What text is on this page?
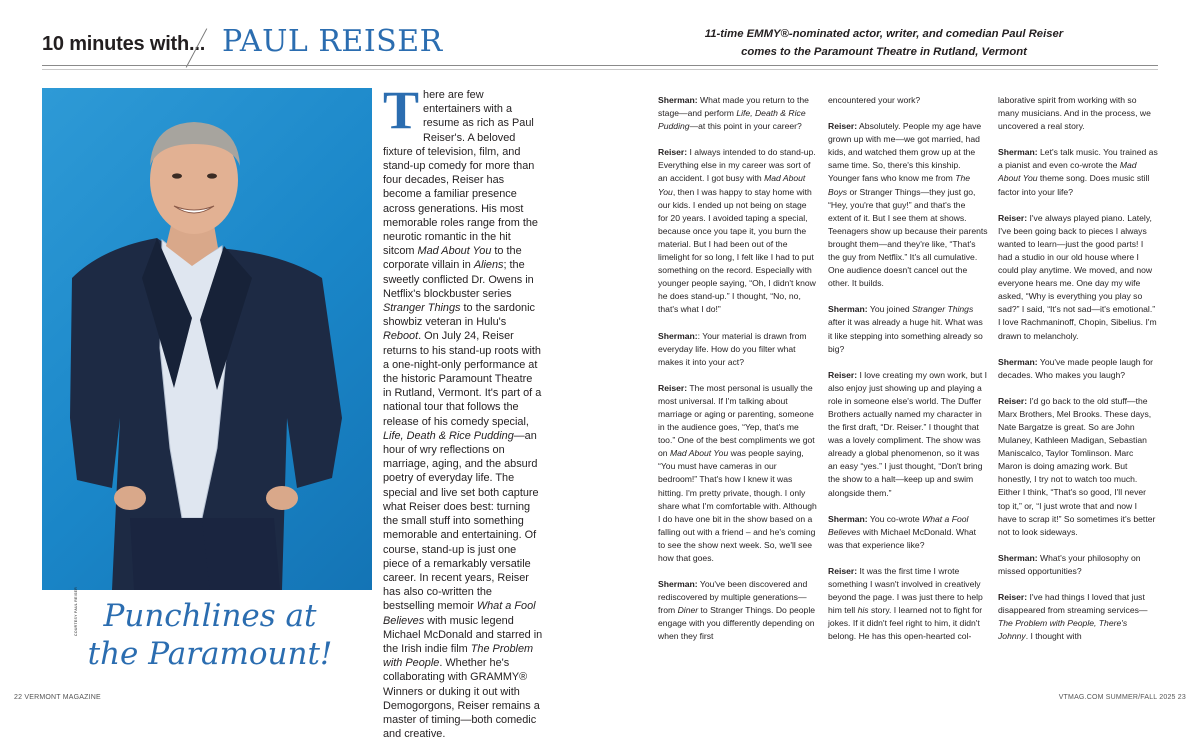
10 minutes with... PAUL REISER	11-time EMMY®-nominated actor, writer, and comedian Paul Reiser
comes to the Paramount Theatre in Rutland, Vermont
COURTESY PAUL REISER Punchlines at
the Paramount!
There are few entertainers with a resume as rich as Paul Reiser's. A beloved fixture of television, film, and stand-up comedy for more than four decades, Reiser has become a familiar presence across generations. His most memorable roles range from the neurotic romantic in the hit sitcom Mad About You to the corporate villain in Aliens; the sweetly conflicted Dr. Owens in Netflix's blockbuster series Stranger Things to the sardonic showbiz veteran in Hulu's Reboot. On July 24, Reiser returns to his stand-up roots with a one-night-only performance at the historic Paramount Theatre in Rutland, Vermont. It's part of a national tour that follows the release of his comedy special, Life, Death & Rice Pudding—an hour of wry reflections on marriage, aging, and the absurd poetry of everyday life. The special and live set both capture what Reiser does best: turning the small stuff into something memorable and entertaining. Of course, stand-up is just one piece of a remarkably versatile career. In recent years, Reiser has also co-written the bestselling memoir What a Fool Believes with music legend Michael McDonald and starred in the Irish indie film The Problem with People. Whether he's collaborating with GRAMMY® Winners or duking it out with Demogorgons, Reiser remains a master of timing—both comedic and creative.

Sherman: What made you return to the stage—and perform Life, Death & Rice Pudding—at this point in your career?

Reiser: I always intended to do stand-up. Everything else in my career was sort of an accident. I got busy with Mad About You, then I was happy to stay home with our kids. I ended up not being on stage for 20 years. I avoided taping a special, because once you tape it, you burn the material. But I had been out of the limelight for so long, I felt like I had to put something on the record. Especially with younger people saying, “Oh, I didn't know he does stand-up.” I thought, “No, no, that's what I do!”

Sherman:: Your material is drawn from everyday life. How do you filter what makes it into your act?

Reiser: The most personal is usually the most universal. If I'm talking about marriage or aging or parenting, someone in the audience goes, “Yep, that's me too.” One of the best compliments we got on Mad About You was people saying, “You must have cameras in our bedroom!” That's how I knew it was hitting. I'm pretty private, though. I only share what I'm comfortable with. Although I do have one bit in the show based on a falling out with a friend – and he's coming to see the show next week. So, we'll see how that goes.

Sherman: You've been discovered and rediscovered by multiple generations—from Diner to Stranger Things. Do people engage with you differently depending on when they first

encountered your work?

Reiser: Absolutely. People my age have grown up with me—we got married, had kids, and watched them grow up at the same time. So, there's this kinship. Younger fans who know me from The Boys or Stranger Things—they just go, “Hey, you're that guy!” and that's the extent of it. But I see them at shows. Teenagers show up because their parents brought them—and they're like, “That's the guy from Netflix.” It's all cumulative. One audience doesn't cancel out the other. It builds.

Sherman: You joined Stranger Things after it was already a huge hit. What was it like stepping into something already so big?

Reiser: I love creating my own work, but I also enjoy just showing up and playing a role in someone else's world. The Duffer Brothers actually named my character in the first draft, “Dr. Reiser.” I thought that was a lovely compliment. The show was already a global phenomenon, so it was an easy “yes.” I just thought, “Don't bring the show to a halt—keep up and swim alongside them.”

Sherman: You co-wrote What a Fool Believes with Michael McDonald. What was that experience like?

Reiser: It was the first time I wrote something I wasn't involved in creatively beyond the page. I was just there to help him tell his story. I learned not to fight for jokes. If it didn't feel right to him, it didn't belong. He has this open-hearted col-

laborative spirit from working with so many musicians. And in the process, we uncovered a real story.

Sherman: Let's talk music. You trained as a pianist and even co-wrote the Mad About You theme song. Does music still factor into your life?

Reiser: I've always played piano. Lately, I've been going back to pieces I always wanted to learn—just the good parts! I had a studio in our old house where I could play anytime. We moved, and now everyone hears me. One day my wife asked, “Why is everything you play so sad?” I said, “It's not sad—it's emotional.” I love Rachmaninoff, Chopin, Sibelius. I'm drawn to melancholy.

Sherman: You've made people laugh for decades. Who makes you laugh?

Reiser: I'd go back to the old stuff—the Marx Brothers, Mel Brooks. These days, Nate Bargatze is great. So are John Mulaney, Kathleen Madigan, Sebastian Maniscalco, Taylor Tomlinson. Marc Maron is doing amazing work. But honestly, I try not to watch too much. Either I think, “That's so good, I'll never top it,” or, “I just wrote that and now I have to scrap it!” So sometimes it's better not to look sideways.

Sherman: What's your philosophy on missed opportunities?

Reiser: I've had things I loved that just disappeared from streaming services—The Problem with People, There's Johnny. I thought with

22 VERMONT MAGAZINE	VTMAG.COM SUMMER/FALL 2025 23
